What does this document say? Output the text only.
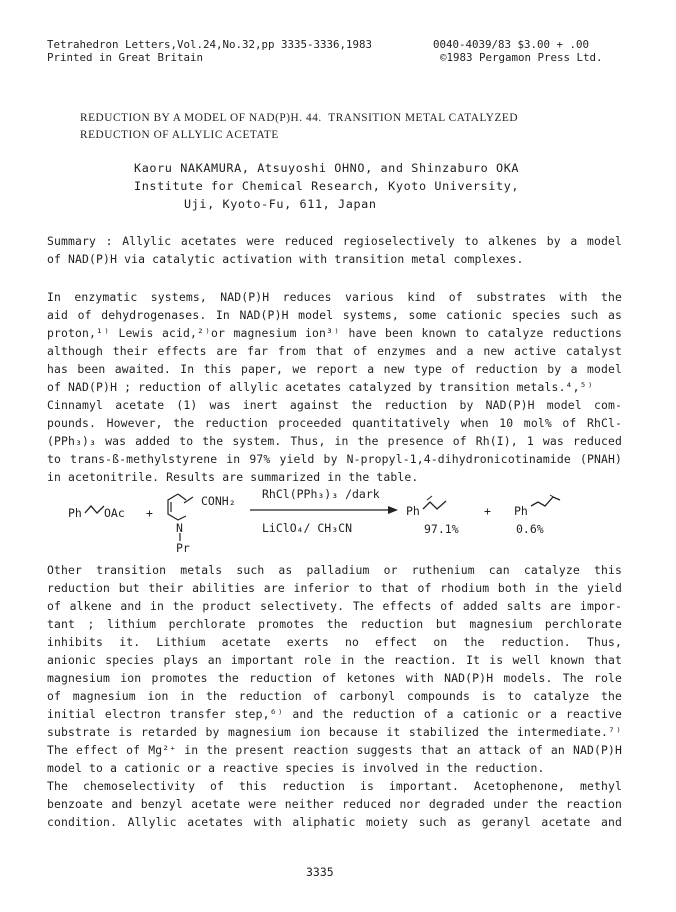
Tetrahedron Letters,Vol.24,No.32,pp 3335-3336,1983
Printed in Great Britain
0040-4039/83 $3.00 + .00
©1983 Pergamon Press Ltd.
REDUCTION BY A MODEL OF NAD(P)H. 44.  TRANSITION METAL CATALYZED
REDUCTION OF ALLYLIC ACETATE
Kaoru NAKAMURA, Atsuyoshi OHNO, and Shinzaburo OKA
Institute for Chemical Research, Kyoto University,
Uji, Kyoto-Fu, 611, Japan
Summary : Allylic acetates were reduced regioselectively to alkenes by a model
of NAD(P)H via catalytic activation with transition metal complexes.
In enzymatic systems, NAD(P)H reduces various kind of substrates with the
aid of dehydrogenases. In NAD(P)H model systems, some cationic species such as
proton,¹⁾ Lewis acid,²⁾or magnesium ion³⁾ have been known to catalyze reductions
although their effects are far from that of enzymes and a new active catalyst
has been awaited. In this paper, we report a new type of reduction by a model
of NAD(P)H ; reduction of allylic acetates catalyzed by transition metals.⁴,⁵⁾
Cinnamyl acetate (1) was inert against the reduction by NAD(P)H model com-
pounds. However, the reduction proceeded quantitatively when 10 mol% of RhCl-
(PPh₃)₃ was added to the system. Thus, in the presence of Rh(I), 1 was reduced
to trans-ß-methylstyrene in 97% yield by N-propyl-1,4-dihydronicotinamide (PNAH)
in acetonitrile. Results are summarized in the table.
Ph OAc +
CONH₂
N
Pr
RhCl(PPh₃)₃ /dark
LiClO₄/ CH₃CN
Ph	+ Ph
97.1%	0.6%
Other transition metals such as palladium or ruthenium can catalyze this
reduction but their abilities are inferior to that of rhodium both in the yield
of alkene and in the product selectivety. The effects of added salts are impor-
tant ; lithium perchlorate promotes the reduction but magnesium perchlorate
inhibits it. Lithium acetate exerts no effect on the reduction. Thus,
anionic species plays an important role in the reaction. It is well known that
magnesium ion promotes the reduction of ketones with NAD(P)H models. The role
of magnesium ion in the reduction of carbonyl compounds is to catalyze the
initial electron transfer step,⁶⁾ and the reduction of a cationic or a reactive
substrate is retarded by magnesium ion because it stabilized the intermediate.⁷⁾
The effect of Mg²⁺ in the present reaction suggests that an attack of an NAD(P)H
model to a cationic or a reactive species is involved in the reduction.
The chemoselectivity of this reduction is important. Acetophenone, methyl
benzoate and benzyl acetate were neither reduced nor degraded under the reaction
condition. Allylic acetates with aliphatic moiety such as geranyl acetate and
3335
